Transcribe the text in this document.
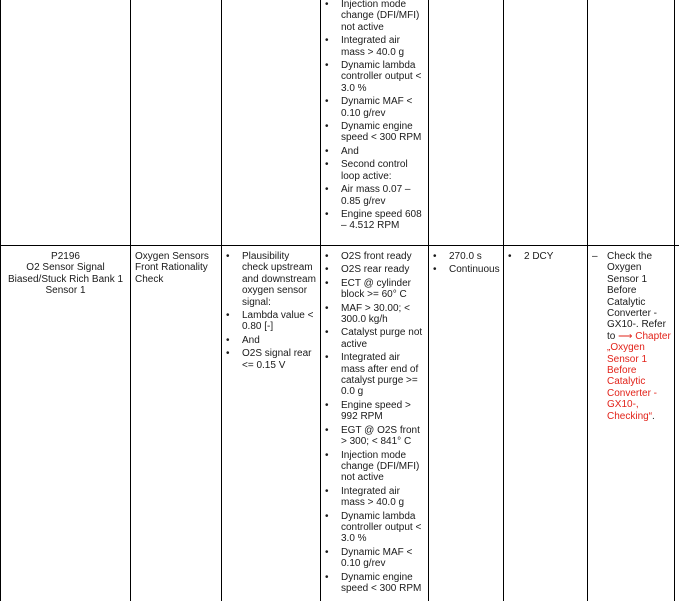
• Injection mode change (DFI/MFI) not active
• Integrated air mass > 40.0 g
• Dynamic lambda controller output < 3.0 %
• Dynamic MAF < 0.10 g/rev
• Dynamic engine speed < 300 RPM
• And
• Second control loop active:
• Air mass 0.07 – 0.85 g/rev
• Engine speed 608 – 4.512 RPM
P2196
O2 Sensor Signal Biased/Stuck Rich Bank 1 Sensor 1
Oxygen Sensors Front Rationality Check
• Plausibility check upstream and downstream oxygen sensor signal:
• Lambda value < 0.80 [-]
• And
• O2S signal rear <= 0.15 V
• O2S front ready
• O2S rear ready
• ECT @ cylinder block >= 60° C
• MAF > 30.00; < 300.0 kg/h
• Catalyst purge not active
• Integrated air mass after end of catalyst purge >= 0.0 g
• Engine speed > 992 RPM
• EGT @ O2S front > 300; < 841° C
• Injection mode change (DFI/MFI) not active
• Integrated air mass > 40.0 g
• Dynamic lambda controller output < 3.0 %
• Dynamic MAF < 0.10 g/rev
• Dynamic engine speed < 300 RPM
• 270.0 s
• Continuous
• 2 DCY	– Check the Oxygen Sensor 1 Before Catalytic Converter - GX10-. Refer to ⟶ Chapter „Oxygen Sensor 1 Before Catalytic Converter - GX10-, Checking“.
